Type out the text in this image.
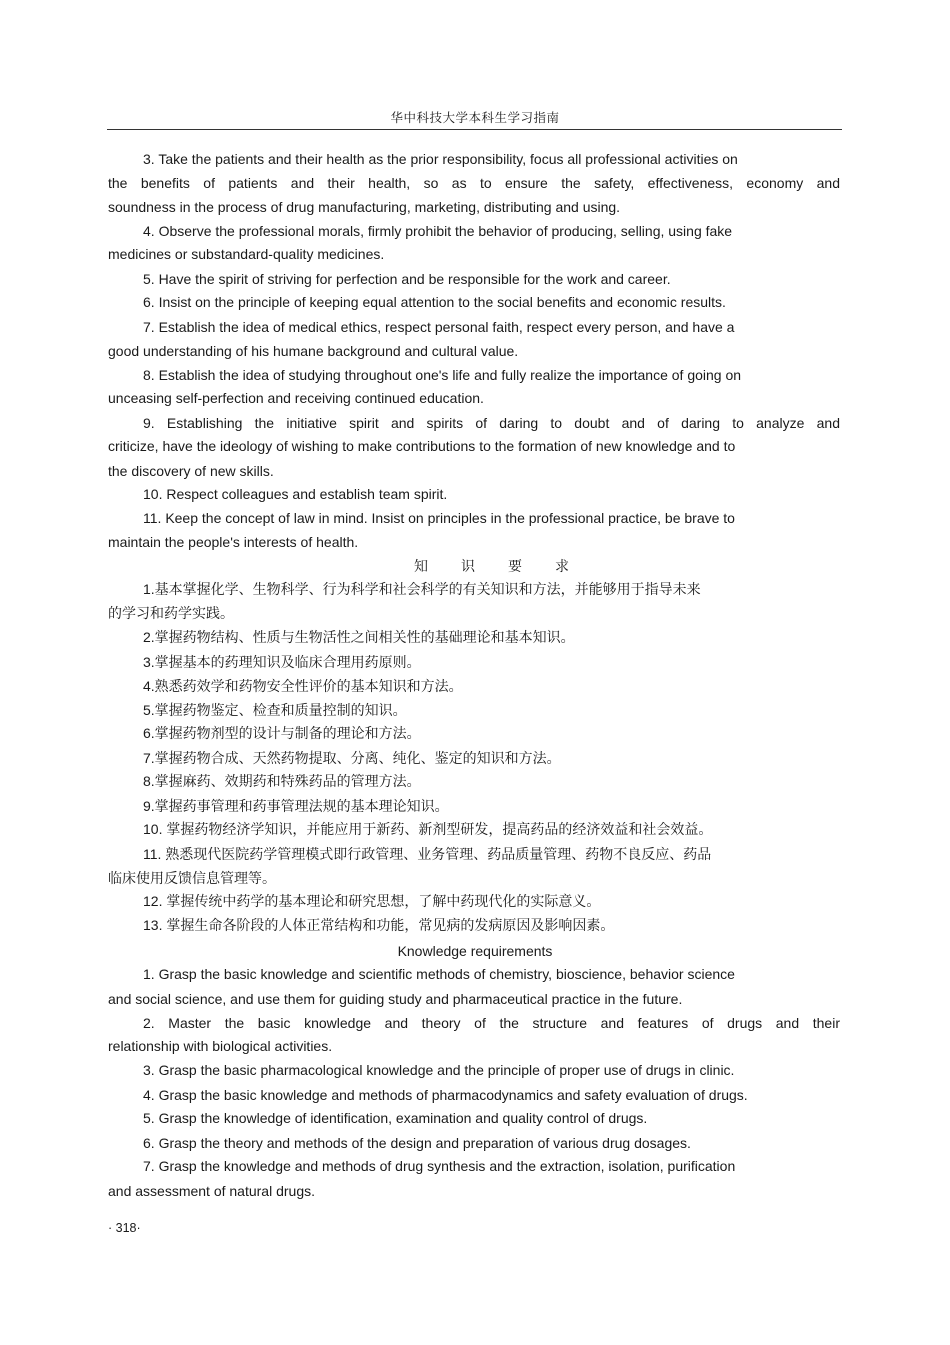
华中科技大学本科生学习指南
3. Take the patients and their health as the prior responsibility, focus all professional activities on
the benefits of patients and their health, so as to ensure the safety, effectiveness, economy and
soundness in the process of drug manufacturing, marketing, distributing and using.
4. Observe the professional morals, firmly prohibit the behavior of producing, selling, using fake
medicines or substandard-quality medicines.
5. Have the spirit of striving for perfection and be responsible for the work and career.
6. Insist on the principle of keeping equal attention to the social benefits and economic results.
7. Establish the idea of medical ethics, respect personal faith, respect every person, and have a
good understanding of his humane background and cultural value.
8. Establish the idea of studying throughout one's life and fully realize the importance of going on
unceasing self-perfection and receiving continued education.
9. Establishing the initiative spirit and spirits of daring to doubt and of daring to analyze and
criticize, have the ideology of wishing to make contributions to the formation of new knowledge and to
the discovery of new skills.
10. Respect colleagues and establish team spirit.
11. Keep the concept of law in mind. Insist on principles in the professional practice, be brave to
maintain the people's interests of health.
知识要求
1.基本掌握化学、生物科学、行为科学和社会科学的有关知识和方法，并能够用于指导未来
的学习和药学实践。
2.掌握药物结构、性质与生物活性之间相关性的基础理论和基本知识。
3.掌握基本的药理知识及临床合理用药原则。
4.熟悉药效学和药物安全性评价的基本知识和方法。
5.掌握药物鉴定、检查和质量控制的知识。
6.掌握药物剂型的设计与制备的理论和方法。
7.掌握药物合成、天然药物提取、分离、纯化、鉴定的知识和方法。
8.掌握麻药、效期药和特殊药品的管理方法。
9.掌握药事管理和药事管理法规的基本理论知识。
10. 掌握药物经济学知识，并能应用于新药、新剂型研发，提高药品的经济效益和社会效益。
11. 熟悉现代医院药学管理模式即行政管理、业务管理、药品质量管理、药物不良反应、药品
临床使用反馈信息管理等。
12. 掌握传统中药学的基本理论和研究思想，了解中药现代化的实际意义。
13. 掌握生命各阶段的人体正常结构和功能，常见病的发病原因及影响因素。
Knowledge requirements
1. Grasp the basic knowledge and scientific methods of chemistry, bioscience, behavior science
and social science, and use them for guiding study and pharmaceutical practice in the future.
2. Master the basic knowledge and theory of the structure and features of drugs and their
relationship with biological activities.
3. Grasp the basic pharmacological knowledge and the principle of proper use of drugs in clinic.
4. Grasp the basic knowledge and methods of pharmacodynamics and safety evaluation of drugs.
5. Grasp the knowledge of identification, examination and quality control of drugs.
6. Grasp the theory and methods of the design and preparation of various drug dosages.
7. Grasp the knowledge and methods of drug synthesis and the extraction, isolation, purification
and assessment of natural drugs.
· 318·
